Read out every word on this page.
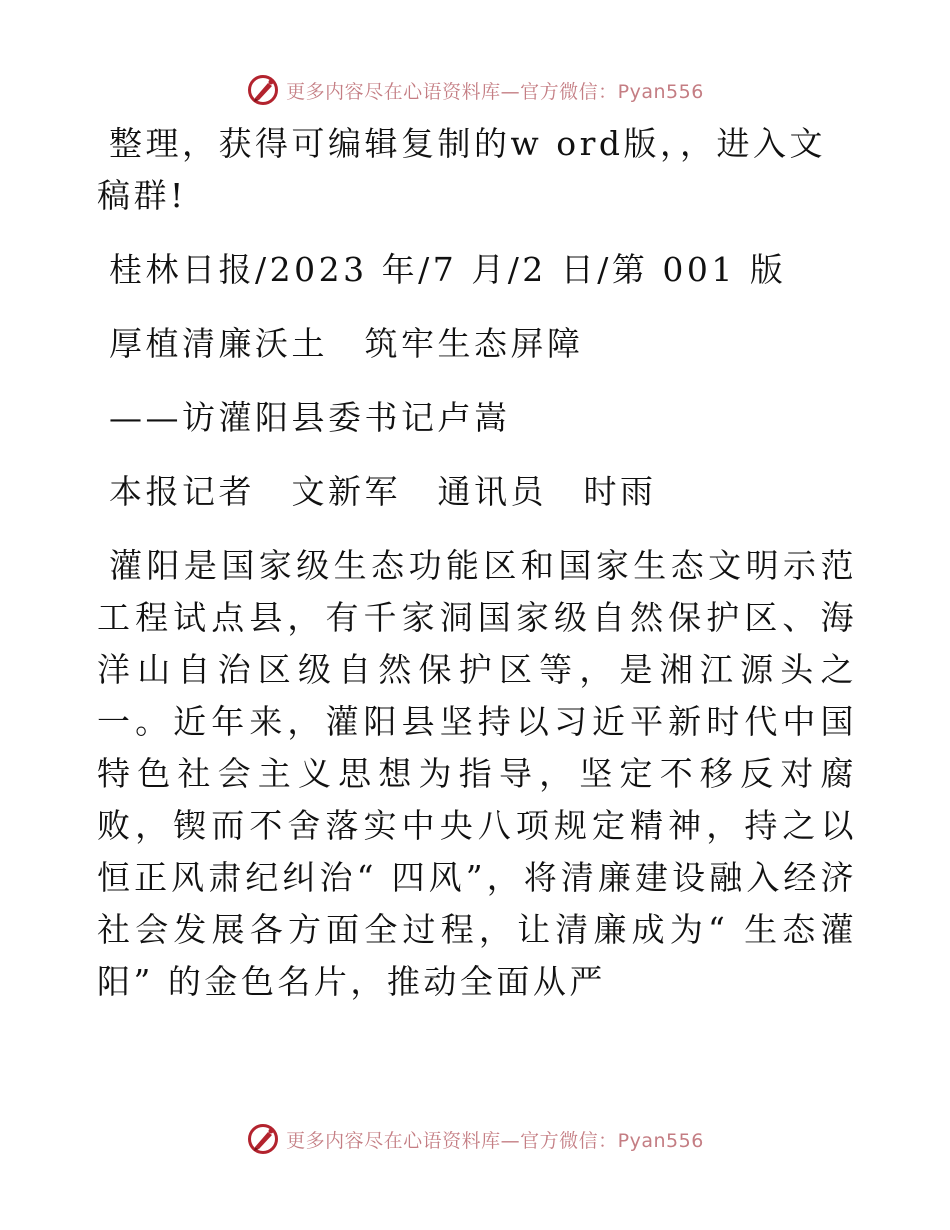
更多内容尽在心语资料库—官方微信：Pyan556

整理，获得可编辑复制的w ord版，，进入文稿群!

桂林日报/2023 年/7 月/2 日/第 001 版

厚植清廉沃土　筑牢生态屏障

——访灌阳县委书记卢嵩

本报记者　文新军　通讯员　时雨

灌阳是国家级生态功能区和国家生态文明示范工程试点县，有千家洞国家级自然保护区、海洋山自治区级自然保护区等，是湘江源头之一。近年来，灌阳县坚持以习近平新时代中国特色社会主义思想为指导，坚定不移反对腐败，锲而不舍落实中央八项规定精神，持之以恒正风肃纪纠治“ 四风”，将清廉建设融入经济社会发展各方面全过程，让清廉成为“ 生态灌阳” 的金色名片，推动全面从严

更多内容尽在心语资料库—官方微信：Pyan556
